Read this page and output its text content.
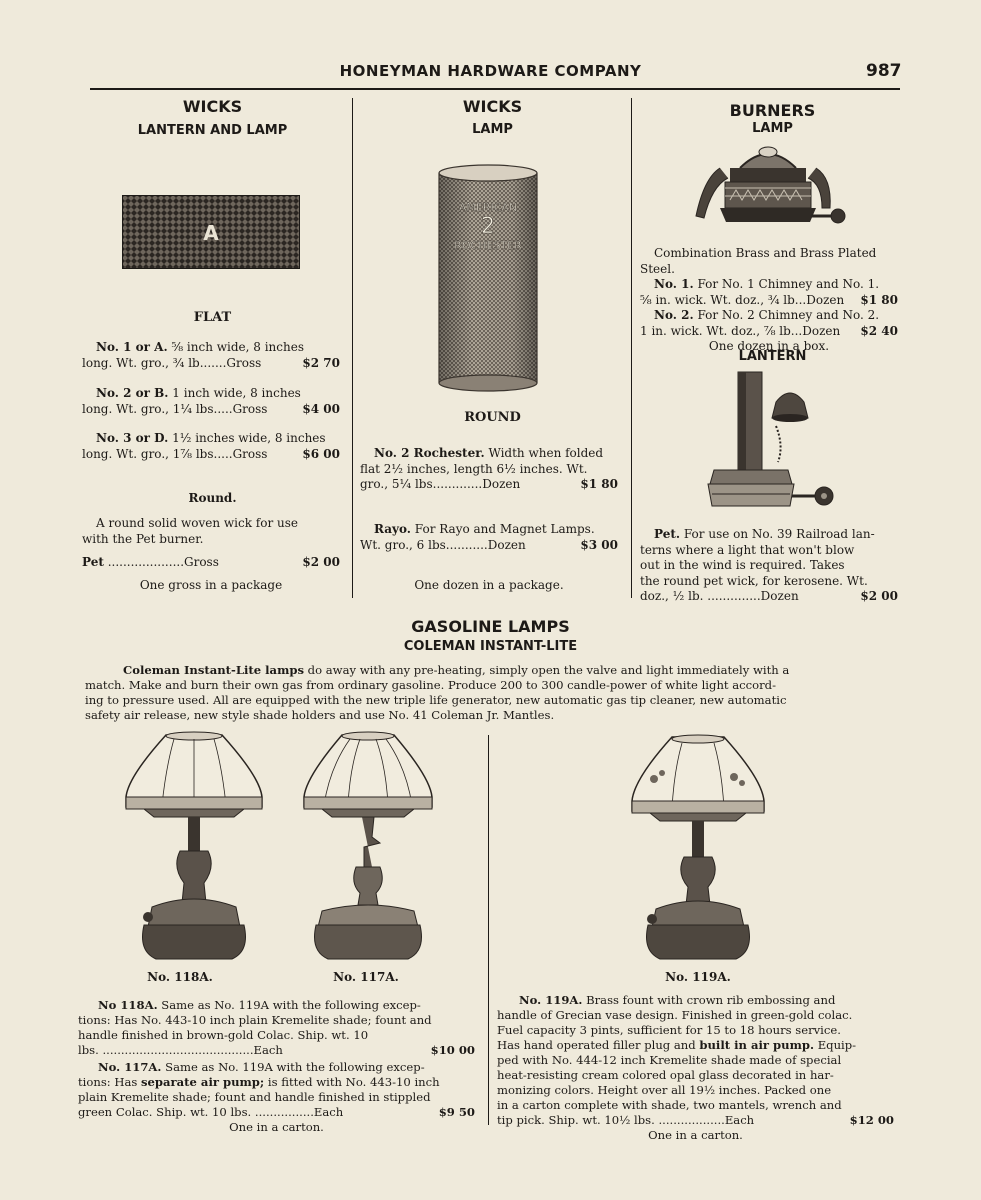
HONEYMAN HARDWARE COMPANY	987
WICKS
LANTERN AND LAMP
A
FLAT
No. 1 or A. ⅝ inch wide, 8 inches
long. Wt. gro., ¾ lb.......Gross	$2 70
No. 2 or B. 1 inch wide, 8 inches
long. Wt. gro., 1¼ lbs.....Gross	$4 00
No. 3 or D. 1½ inches wide, 8 inches
long. Wt. gro., 1⅞ lbs.....Gross	$6 00
Round.
A round solid woven wick for use
with the Pet burner.
Pet ....................Gross	$2 00
One gross in a package
WICKS
LAMP
AMERICAN
2
ROCHESTER
ROUND
No. 2 Rochester. Width when folded
flat 2½ inches, length 6½ inches. Wt.
gro., 5¼ lbs.............Dozen	$1 80
Rayo. For Rayo and Magnet Lamps.
Wt. gro., 6 lbs...........Dozen	$3 00
One dozen in a package.
BURNERS
LAMP
Combination Brass and Brass Plated
Steel.
No. 1. For No. 1 Chimney and No. 1.
⅝ in. wick. Wt. doz., ¾ lb...Dozen $1 80
No. 2. For No. 2 Chimney and No. 2.
1 in. wick. Wt. doz., ⅞ lb...Dozen $2 40
One dozen in a box.
LANTERN
Pet. For use on No. 39 Railroad lan-
terns where a light that won't blow
out in the wind is required. Takes
the round pet wick, for kerosene. Wt.
doz., ½ lb. ..............Dozen	$2 00
GASOLINE LAMPS
COLEMAN INSTANT-LITE
Coleman Instant-Lite lamps do away with any pre-heating, simply open the valve and light immediately with a
match. Make and burn their own gas from ordinary gasoline. Produce 200 to 300 candle-power of white light accord-
ing to pressure used. All are equipped with the new triple life generator, new automatic gas tip cleaner, new automatic
safety air release, new style shade holders and use No. 41 Coleman Jr. Mantles.
No. 118A.	No. 117A.	No. 119A.
No 118A. Same as No. 119A with the following excep-
tions: Has No. 443-10 inch plain Kremelite shade; fount and
handle finished in brown-gold Colac. Ship. wt. 10
lbs. .........................................Each	$10 00
No. 117A. Same as No. 119A with the following excep-
tions: Has separate air pump; is fitted with No. 443-10 inch
plain Kremelite shade; fount and handle finished in stippled
green Colac. Ship. wt. 10 lbs. ................Each	$9 50
One in a carton.
No. 119A. Brass fount with crown rib embossing and
handle of Grecian vase design. Finished in green-gold colac.
Fuel capacity 3 pints, sufficient for 15 to 18 hours service.
Has hand operated filler plug and built in air pump. Equip-
ped with No. 444-12 inch Kremelite shade made of special
heat-resisting cream colored opal glass decorated in har-
monizing colors. Height over all 19½ inches. Packed one
in a carton complete with shade, two mantels, wrench and
tip pick. Ship. wt. 10½ lbs. ..................Each	$12 00
One in a carton.
